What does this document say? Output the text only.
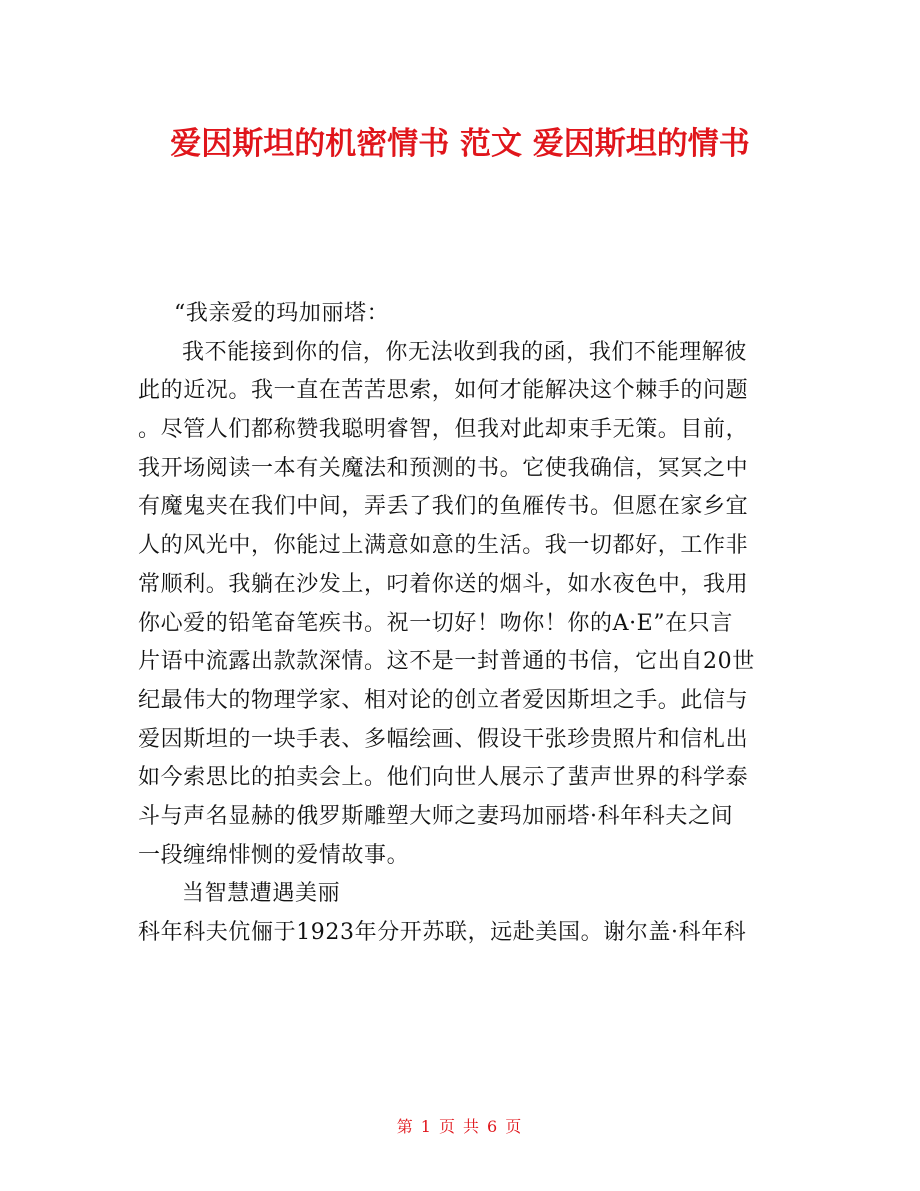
爱因斯坦的机密情书 范文 爱因斯坦的情书
“我亲爱的玛加丽塔：
我不能接到你的信，你无法收到我的函，我们不能理解彼
此的近况。我一直在苦苦思索，如何才能解决这个棘手的问题
。尽管人们都称赞我聪明睿智，但我对此却束手无策。目前，
我开场阅读一本有关魔法和预测的书。它使我确信，冥冥之中
有魔鬼夹在我们中间，弄丢了我们的鱼雁传书。但愿在家乡宜
人的风光中，你能过上满意如意的生活。我一切都好，工作非
常顺利。我躺在沙发上，叼着你送的烟斗，如水夜色中，我用
你心爱的铅笔奋笔疾书。祝一切好！吻你！你的A·E”在只言
片语中流露出款款深情。这不是一封普通的书信，它出自20世
纪最伟大的物理学家、相对论的创立者爱因斯坦之手。此信与
爱因斯坦的一块手表、多幅绘画、假设干张珍贵照片和信札出
如今索思比的拍卖会上。他们向世人展示了蜚声世界的科学泰
斗与声名显赫的俄罗斯雕塑大师之妻玛加丽塔·科年科夫之间
一段缠绵悱恻的爱情故事。
当智慧遭遇美丽
科年科夫伉俪于1923年分开苏联，远赴美国。谢尔盖·科年科
第 1 页 共 6 页
